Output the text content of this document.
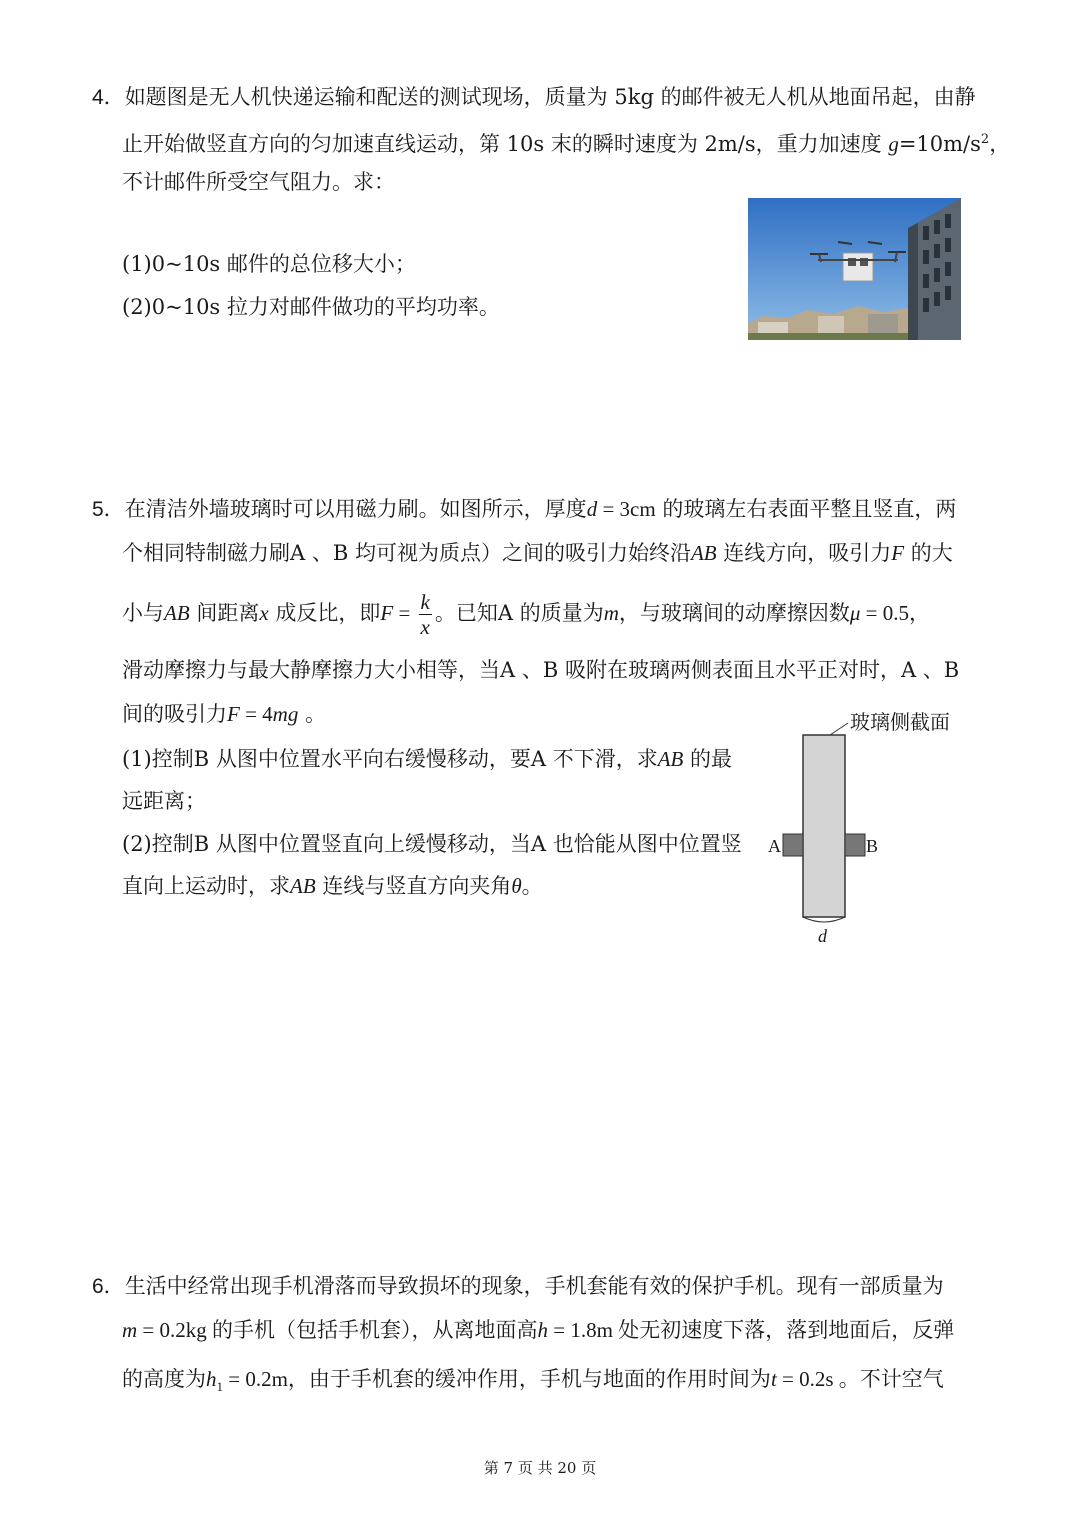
4．如题图是无人机快递运输和配送的测试现场，质量为 5kg 的邮件被无人机从地面吊起，由静
止开始做竖直方向的匀加速直线运动，第 10s 末的瞬时速度为 2m/s，重力加速度 $g=10m/s^2$，
不计邮件所受空气阻力。求：
(1)0~10s 邮件的总位移大小；
(2)0~10s 拉力对邮件做功的平均功率。
5．在清洁外墙玻璃时可以用磁力刷。如图所示，厚度d = 3cm 的玻璃左右表面平整且竖直，两
个相同特制磁力刷A 、B 均可视为质点）之间的吸引力始终沿AB 连线方向，吸引力F 的大
小与AB 间距离x 成反比，即$F = \frac{k}{x}$ 。已知A 的质量为m，与玻璃间的动摩擦因数μ = 0.5，
滑动摩擦力与最大静摩擦力大小相等，当A 、B 吸附在玻璃两侧表面且水平正对时，A 、B
间的吸引力F = 4mg 。
(1)控制B 从图中位置水平向右缓慢移动，要A 不下滑，求AB 的最
远距离；
(2)控制B 从图中位置竖直向上缓慢移动，当A 也恰能从图中位置竖
直向上运动时，求AB 连线与竖直方向夹角θ。
玻璃侧截面
A	B
d
6．生活中经常出现手机滑落而导致损坏的现象，手机套能有效的保护手机。现有一部质量为
m = 0.2kg 的手机（包括手机套），从离地面高h = 1.8m 处无初速度下落，落到地面后，反弹
的高度为$h_1 = 0.2m$，由于手机套的缓冲作用，手机与地面的作用时间为t = 0.2s 。不计空气
第 7 页 共 20 页
